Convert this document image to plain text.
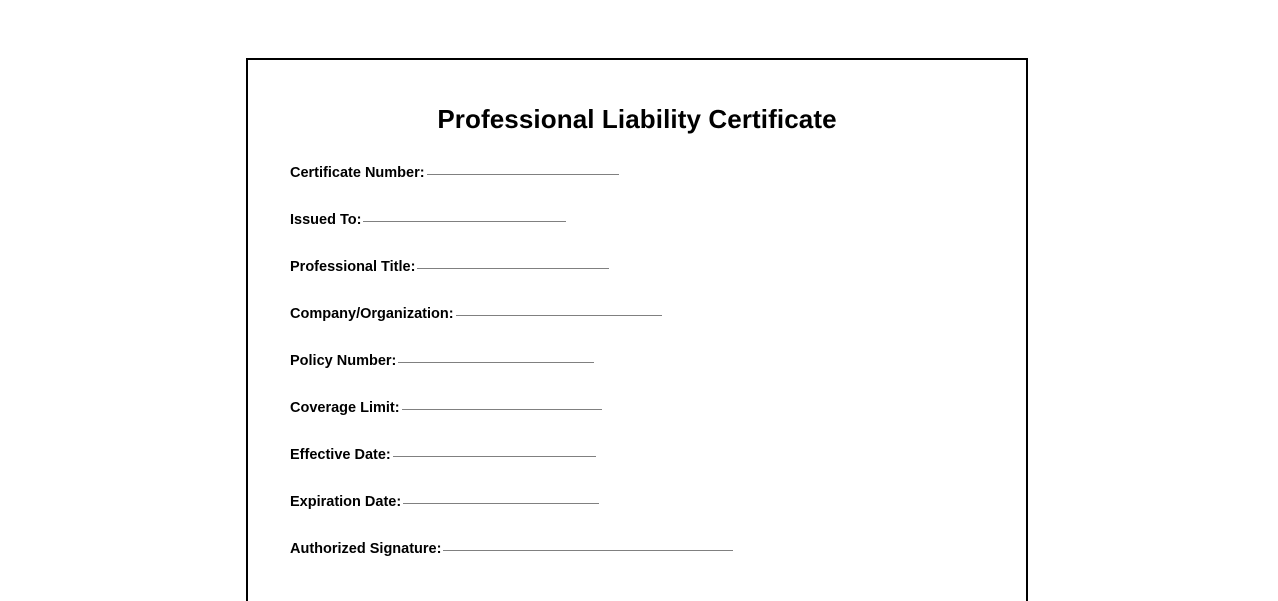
Professional Liability Certificate
Certificate Number:
Issued To:
Professional Title:
Company/Organization:
Policy Number:
Coverage Limit:
Effective Date:
Expiration Date:
Authorized Signature:
